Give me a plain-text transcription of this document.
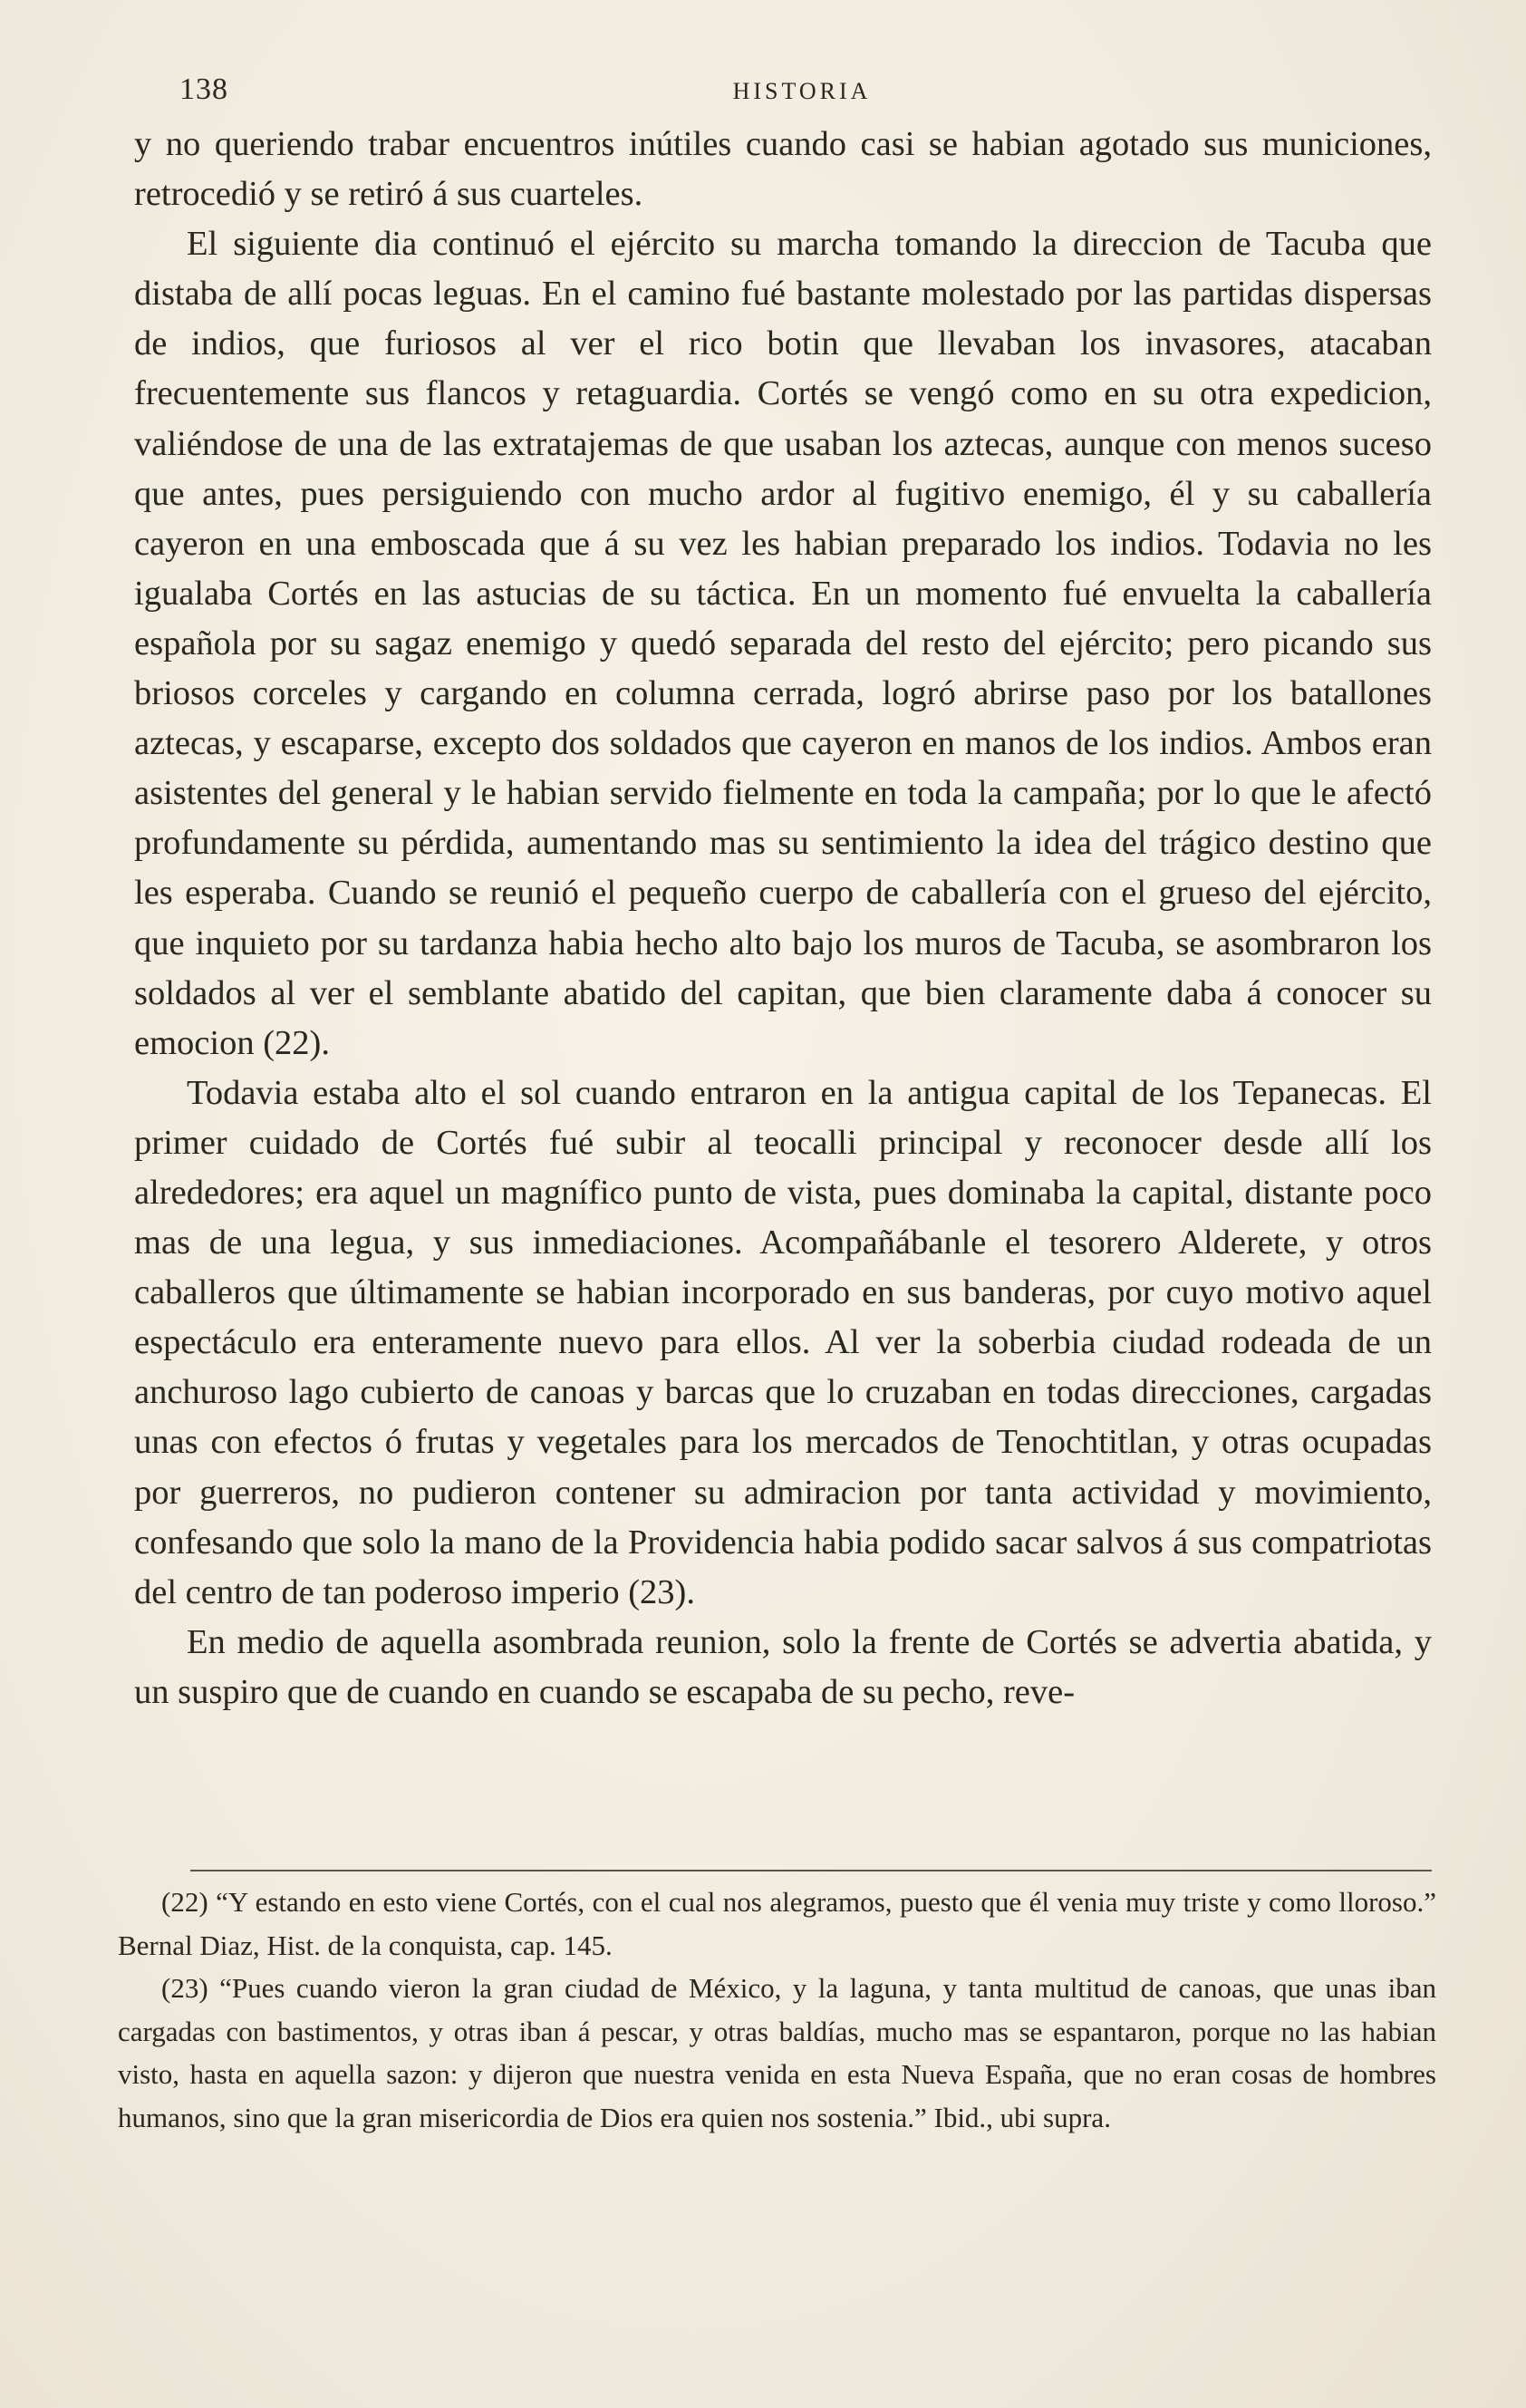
138	HISTORIA

y no queriendo trabar encuentros inútiles cuando casi se habian agotado sus municiones, retrocedió y se retiró á sus cuarteles.

El siguiente dia continuó el ejército su marcha tomando la direccion de Tacuba que distaba de allí pocas leguas. En el camino fué bastante molestado por las partidas dispersas de indios, que furiosos al ver el rico botin que llevaban los invasores, atacaban frecuentemente sus flancos y retaguardia. Cortés se vengó como en su otra expedicion, valiéndose de una de las extratajemas de que usaban los aztecas, aunque con menos suceso que antes, pues persiguiendo con mucho ardor al fugitivo enemigo, él y su caballería cayeron en una emboscada que á su vez les habian preparado los indios. Todavia no les igualaba Cortés en las astucias de su táctica. En un momento fué envuelta la caballería española por su sagaz enemigo y quedó separada del resto del ejército; pero picando sus briosos corceles y cargando en columna cerrada, logró abrirse paso por los batallones aztecas, y escaparse, excepto dos soldados que cayeron en manos de los indios. Ambos eran asistentes del general y le habian servido fielmente en toda la campaña; por lo que le afectó profundamente su pérdida, aumentando mas su sentimiento la idea del trágico destino que les esperaba. Cuando se reunió el pequeño cuerpo de caballería con el grueso del ejército, que inquieto por su tardanza habia hecho alto bajo los muros de Tacuba, se asombraron los soldados al ver el semblante abatido del capitan, que bien claramente daba á conocer su emocion (22).

Todavia estaba alto el sol cuando entraron en la antigua capital de los Tepanecas. El primer cuidado de Cortés fué subir al teocalli principal y reconocer desde allí los alrededores; era aquel un magnífico punto de vista, pues dominaba la capital, distante poco mas de una legua, y sus inmediaciones. Acompañábanle el tesorero Alderete, y otros caballeros que últimamente se habian incorporado en sus banderas, por cuyo motivo aquel espectáculo era enteramente nuevo para ellos. Al ver la soberbia ciudad rodeada de un anchuroso lago cubierto de canoas y barcas que lo cruzaban en todas direcciones, cargadas unas con efectos ó frutas y vegetales para los mercados de Tenochtitlan, y otras ocupadas por guerreros, no pudieron contener su admiracion por tanta actividad y movimiento, confesando que solo la mano de la Providencia habia podido sacar salvos á sus compatriotas del centro de tan poderoso imperio (23).

En medio de aquella asombrada reunion, solo la frente de Cortés se advertia abatida, y un suspiro que de cuando en cuando se escapaba de su pecho, reve-

(22) “Y estando en esto viene Cortés, con el cual nos alegramos, puesto que él venia muy triste y como lloroso.” Bernal Diaz, Hist. de la conquista, cap. 145.

(23) “Pues cuando vieron la gran ciudad de México, y la laguna, y tanta multitud de canoas, que unas iban cargadas con bastimentos, y otras iban á pescar, y otras baldías, mucho mas se espantaron, porque no las habian visto, hasta en aquella sazon: y dijeron que nuestra venida en esta Nueva España, que no eran cosas de hombres humanos, sino que la gran misericordia de Dios era quien nos sostenia.” Ibid., ubi supra.
